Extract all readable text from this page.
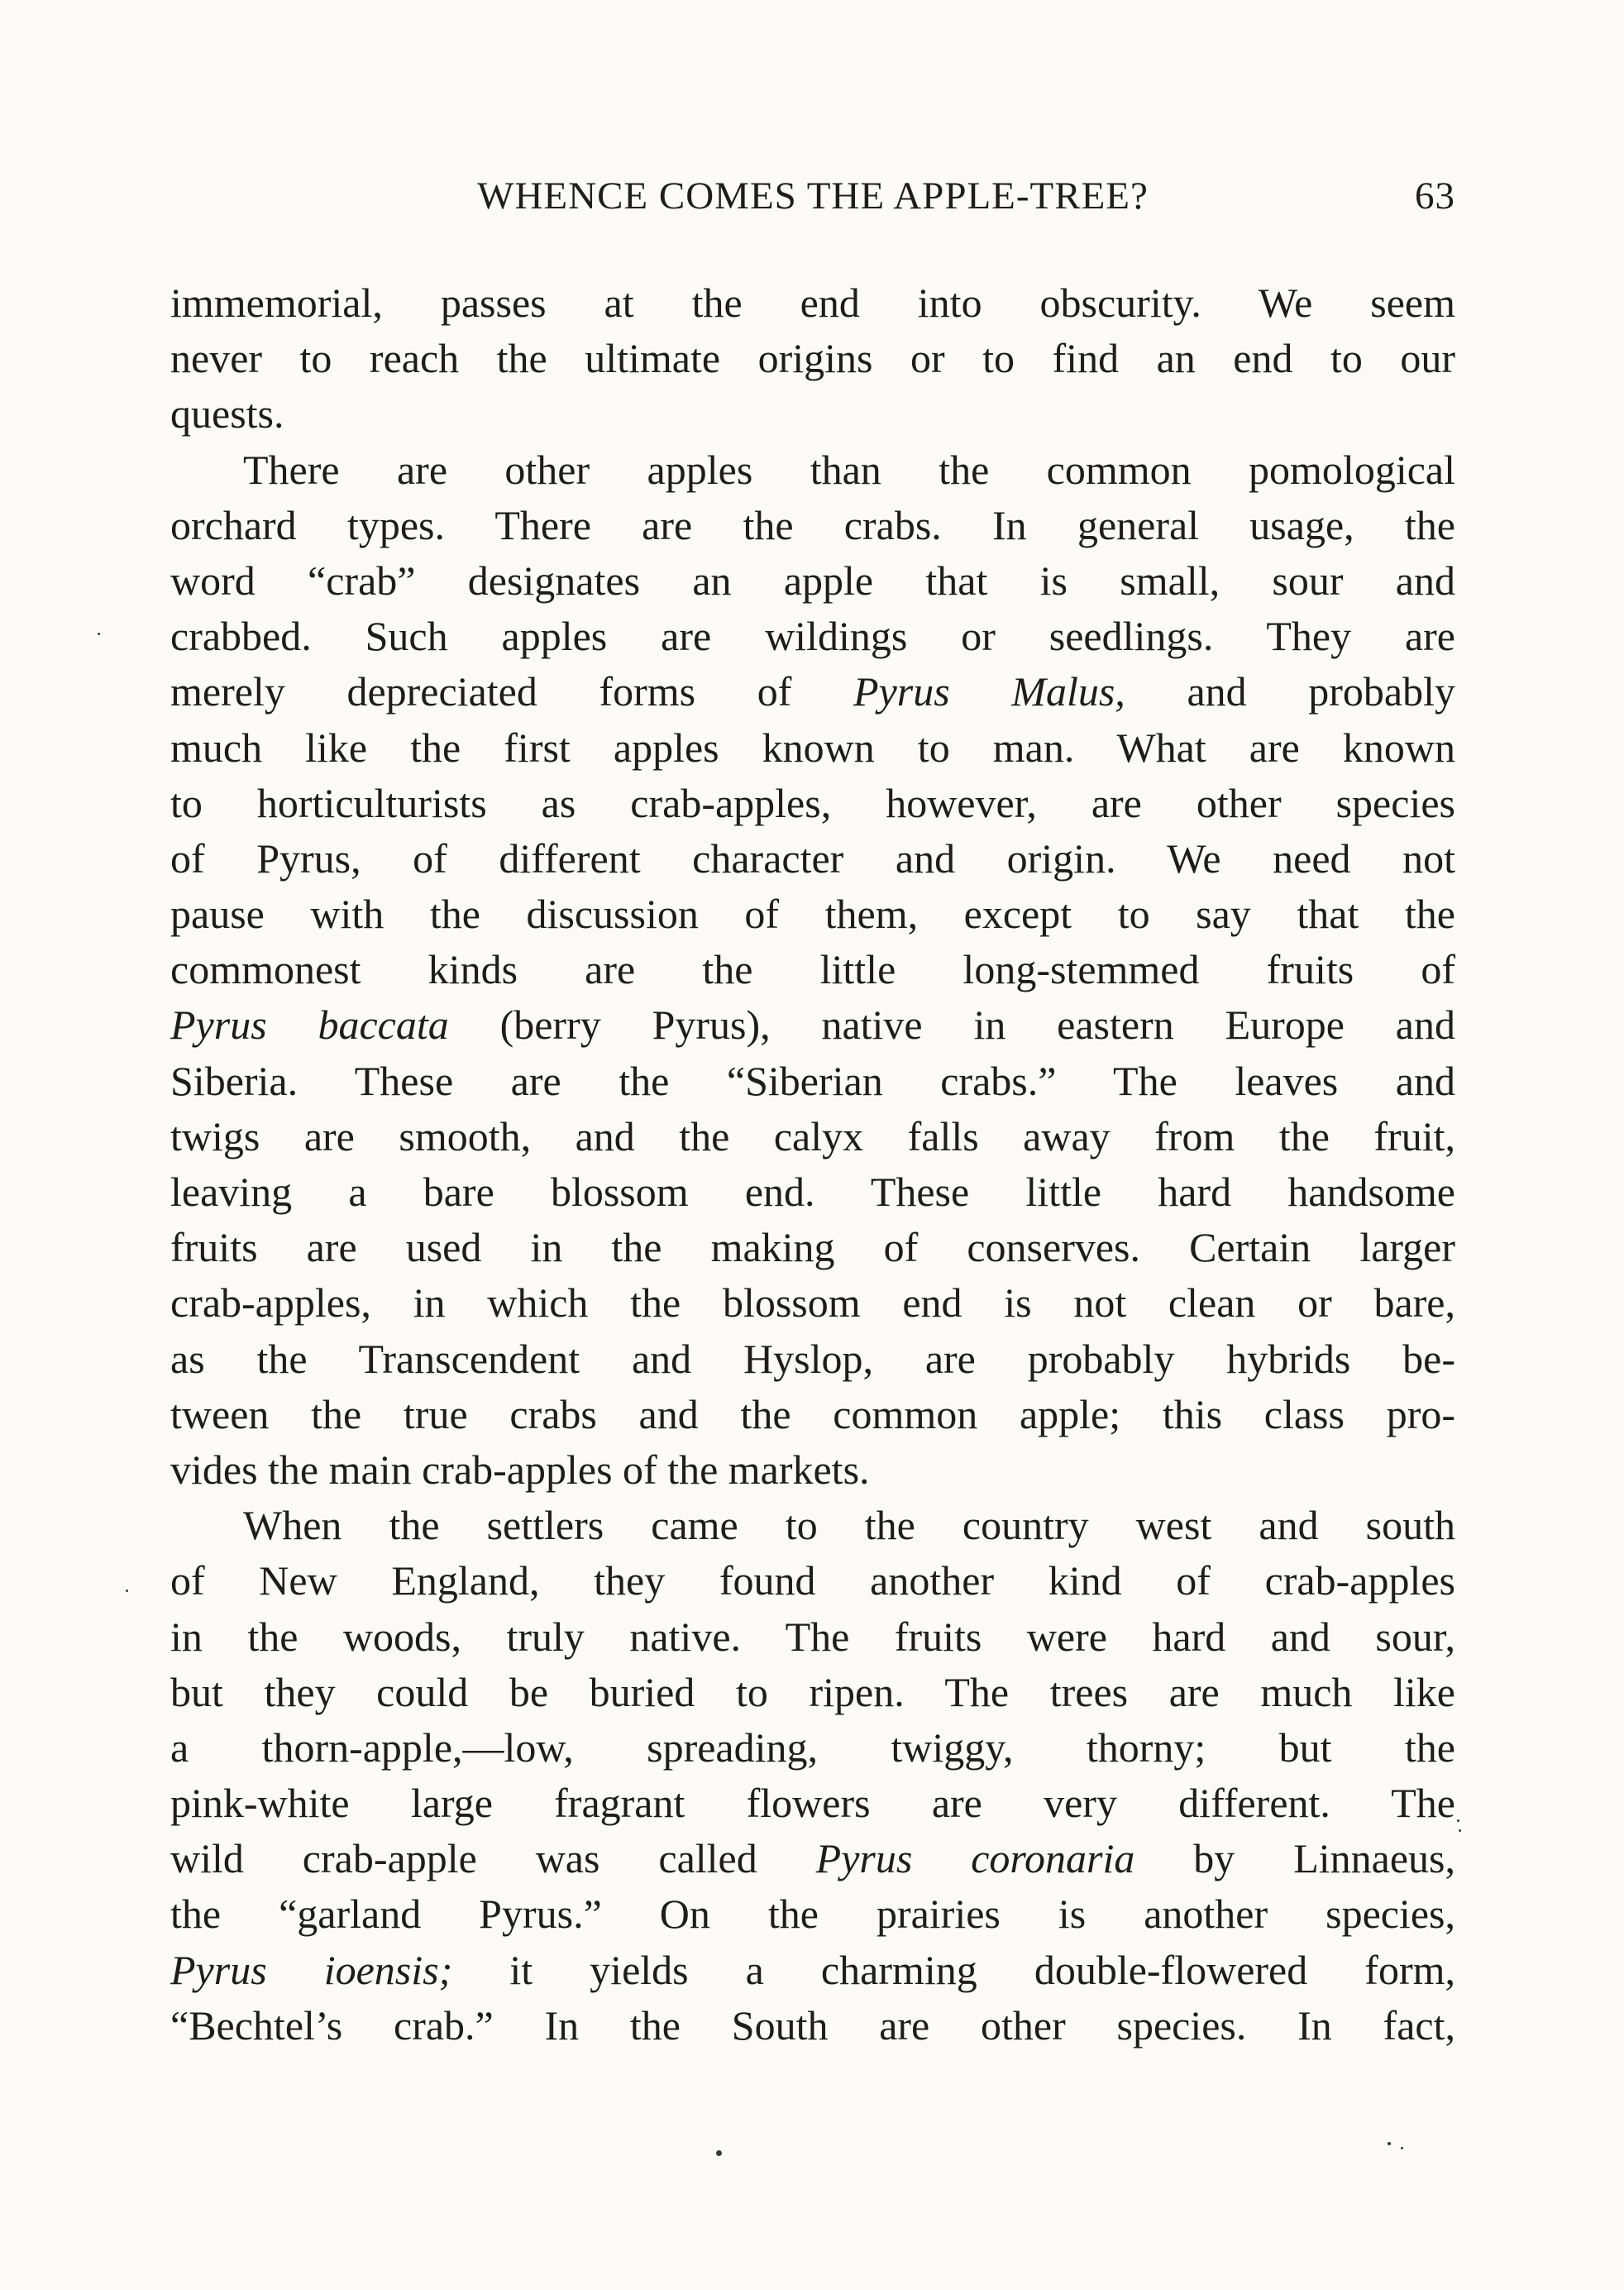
WHENCE COMES THE APPLE-TREE?	63
immemorial, passes at the end into obscurity. We seem
never to reach the ultimate origins or to find an end to our
quests.
There are other apples than the common pomological
orchard types. There are the crabs. In general usage, the
word “crab” designates an apple that is small, sour and
crabbed. Such apples are wildings or seedlings. They are
merely depreciated forms of Pyrus Malus, and probably
much like the first apples known to man. What are known
to horticulturists as crab-apples, however, are other species
of Pyrus, of different character and origin. We need not
pause with the discussion of them, except to say that the
commonest kinds are the little long-stemmed fruits of
Pyrus baccata (berry Pyrus), native in eastern Europe and
Siberia. These are the “Siberian crabs.” The leaves and
twigs are smooth, and the calyx falls away from the fruit,
leaving a bare blossom end. These little hard handsome
fruits are used in the making of conserves. Certain larger
crab-apples, in which the blossom end is not clean or bare,
as the Transcendent and Hyslop, are probably hybrids be-
tween the true crabs and the common apple; this class pro-
vides the main crab-apples of the markets.
When the settlers came to the country west and south
of New England, they found another kind of crab-apples
in the woods, truly native. The fruits were hard and sour,
but they could be buried to ripen. The trees are much like
a thorn-apple,—low, spreading, twiggy, thorny; but the
pink-white large fragrant flowers are very different. The
wild crab-apple was called Pyrus coronaria by Linnaeus,
the “garland Pyrus.” On the prairies is another species,
Pyrus ioensis; it yields a charming double-flowered form,
“Bechtel’s crab.” In the South are other species. In fact,
